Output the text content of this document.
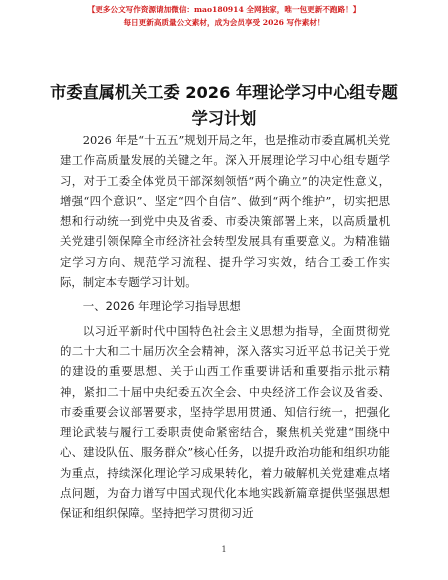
【更多公文写作资源请加微信：mao180914 全网独家，唯一包更新不跑路！】
每日更新高质量公文素材，成为会员享受 2026 写作素材！
市委直属机关工委 2026 年理论学习中心组专题
学习计划

2026 年是“十五五”规划开局之年，也是推动市委直属机关党建工作高质量发展的关键之年。深入开展理论学习中心组专题学习，对于工委全体党员干部深刻领悟“两个确立”的决定性意义，增强“四个意识”、坚定“四个自信”、做到“两个维护”，切实把思想和行动统一到党中央及省委、市委决策部署上来，以高质量机关党建引领保障全市经济社会转型发展具有重要意义。为精准锚定学习方向、规范学习流程、提升学习实效，结合工委工作实际，制定本专题学习计划。

一、2026 年理论学习指导思想

以习近平新时代中国特色社会主义思想为指导，全面贯彻党的二十大和二十届历次全会精神，深入落实习近平总书记关于党的建设的重要思想、关于山西工作重要讲话和重要指示批示精神，紧扣二十届中央纪委五次全会、中央经济工作会议及省委、市委重要会议部署要求，坚持学思用贯通、知信行统一，把强化理论武装与履行工委职责使命紧密结合，聚焦机关党建“围绕中心、建设队伍、服务群众”核心任务，以提升政治功能和组织功能为重点，持续深化理论学习成果转化，着力破解机关党建难点堵点问题，为奋力谱写中国式现代化本地实践新篇章提供坚强思想保证和组织保障。坚持把学习贯彻习近

1
